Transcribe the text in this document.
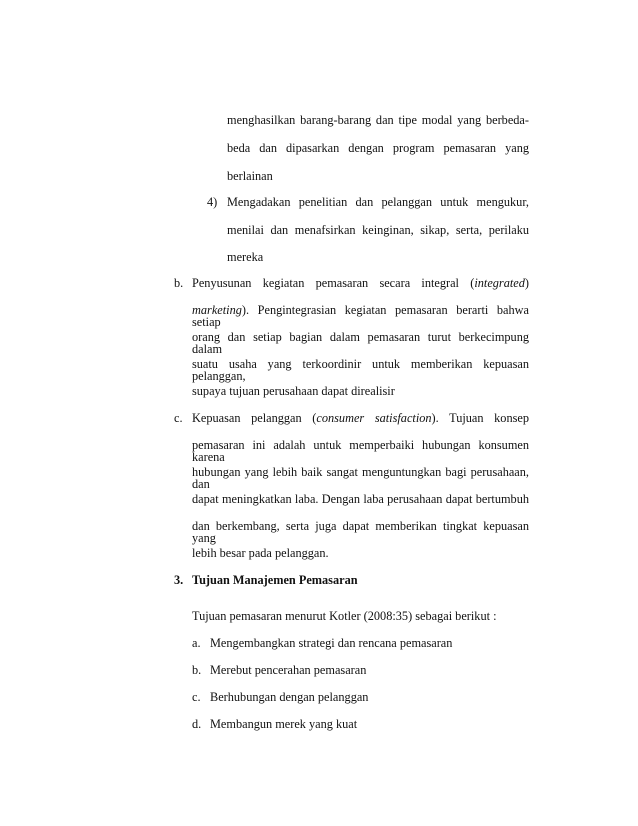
menghasilkan barang-barang dan tipe modal yang berbeda-
beda dan dipasarkan dengan program pemasaran yang
berlainan
4) Mengadakan penelitian dan pelanggan untuk mengukur,
menilai dan menafsirkan keinginan, sikap, serta, perilaku
mereka
b. Penyusunan kegiatan pemasaran secara integral (integrated)
marketing). Pengintegrasian kegiatan pemasaran berarti bahwa setiap
orang dan setiap bagian dalam pemasaran turut berkecimpung dalam
suatu usaha yang terkoordinir untuk memberikan kepuasan pelanggan,
supaya tujuan perusahaan dapat direalisir
c. Kepuasan pelanggan (consumer satisfaction). Tujuan konsep
pemasaran ini adalah untuk memperbaiki hubungan konsumen karena
hubungan yang lebih baik sangat menguntungkan bagi perusahaan, dan
dapat meningkatkan laba. Dengan laba perusahaan dapat bertumbuh
dan berkembang, serta juga dapat memberikan tingkat kepuasan yang
lebih besar pada pelanggan.
3. Tujuan Manajemen Pemasaran
Tujuan pemasaran menurut Kotler (2008:35) sebagai berikut :
a. Mengembangkan strategi dan rencana pemasaran
b. Merebut pencerahan pemasaran
c. Berhubungan dengan pelanggan
d. Membangun merek yang kuat
